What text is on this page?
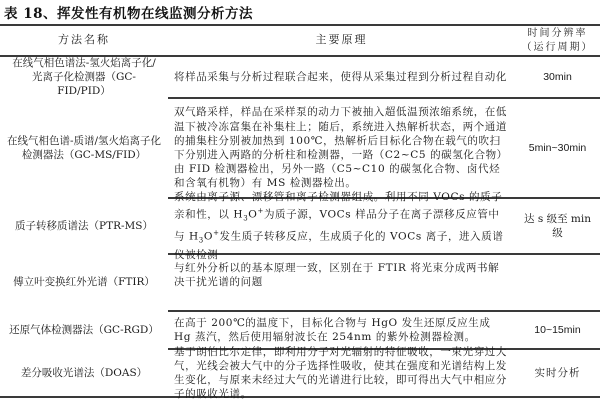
表 18、挥发性有机物在线监测分析方法
方法名称	主要原理
时间分辨率
（运行周期）
在线气相色谱法-氢火焰离子化/光离子化检测器（GC-FID/PID）
将样品采集与分析过程联合起来，使得从采集过程到分析过程自动化	30min
在线气相色谱-质谱/氢火焰离子化检测器法（GC-MS/FID）
双气路采样，样品在采样泵的动力下被抽入超低温预浓缩系统，在低温下被冷冻富集在补集柱上；随后，系统进入热解析状态，两个通道的捕集柱分别被加热到 100℃，热解析后目标化合物在载气的吹扫下分别进入两路的分析柱和检测器，一路（C2~C5 的碳氢化合物）由 FID 检测器检出，另外一路（C5~C10 的碳氢化合物、卤代烃和含氧有机物）有 MS 检测器检出。
5min~30min
质子转移质谱法（PTR-MS）
系统由离子源、漂移管和离子检测器组成。利用不同 VOCs 的质子亲和性，以 $H_3O^+$为质子源，VOCs 样品分子在离子漂移反应管中与 $H_3O^+$发生质子转移反应，生成质子化的 VOCs 离子，进入质谱仪被检测
达 s 级至 min 级
傅立叶变换红外光谱（FTIR）
与红外分析以的基本原理一致，区别在于 FTIR 将光束分成两书解决干扰光谱的问题
还原气体检测器法（GC-RGD）
在高于 200℃的温度下，目标化合物与 HgO 发生还原反应生成 Hg 蒸汽，然后使用辐射波长在 254nm 的紫外检测器检测。
10~15min
差分吸收光谱法（DOAS）
基于朗伯比尔定律，即利用分子对光辐射的特征吸收，一束光穿过大气，光线会被大气中的分子选择性吸收，使其在强度和光谱结构上发生变化，与原来未经过大气的光谱进行比较，即可得出大气中相应分子的吸收光谱。
实时分析
